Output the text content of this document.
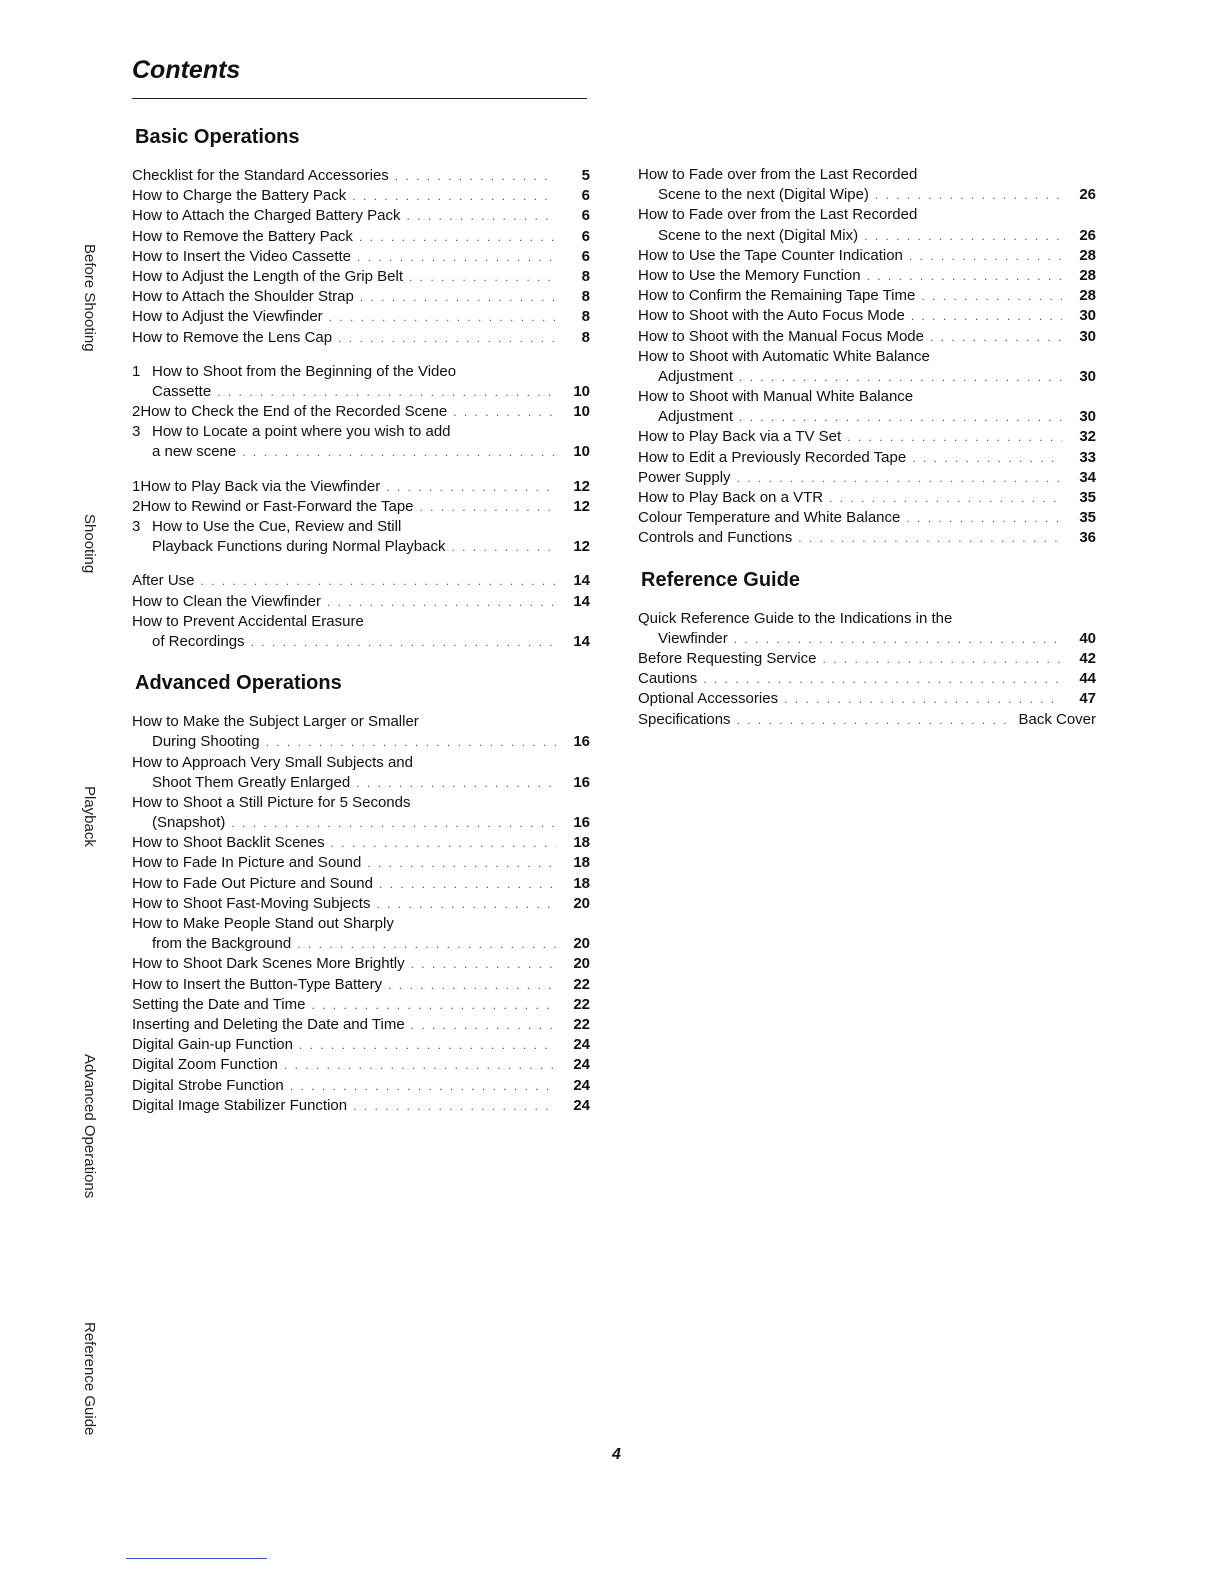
Contents
Basic Operations
Checklist for the Standard Accessories . . .	5
How to Charge the Battery Pack . . .	6
How to Attach the Charged Battery Pack . . .	6
How to Remove the Battery Pack . . .	6
How to Insert the Video Cassette . . .	6
How to Adjust the Length of the Grip Belt . . .	8
How to Attach the Shoulder Strap . . .	8
How to Adjust the Viewfinder . . .	8
How to Remove the Lens Cap . . .	8
1 How to Shoot from the Beginning of the Video
Cassette . . .	10
2 How to Check the End of the Recorded Scene . . .	10
3 How to Locate a point where you wish to add
a new scene . . .	10
1 How to Play Back via the Viewfinder . . .	12
2 How to Rewind or Fast-Forward the Tape . . .	12
3 How to Use the Cue, Review and Still
Playback Functions during Normal Playback . . .	12
After Use . . .	14
How to Clean the Viewfinder . . .	14
How to Prevent Accidental Erasure
of Recordings . . .	14
Advanced Operations
How to Make the Subject Larger or Smaller
During Shooting . . .	16
How to Approach Very Small Subjects and
Shoot Them Greatly Enlarged . . .	16
How to Shoot a Still Picture for 5 Seconds
(Snapshot) . . .	16
How to Shoot Backlit Scenes . . .	18
How to Fade In Picture and Sound . . .	18
How to Fade Out Picture and Sound . . .	18
How to Shoot Fast-Moving Subjects . . .	20
How to Make People Stand out Sharply
from the Background . . .	20
How to Shoot Dark Scenes More Brightly . . .	20
How to Insert the Button-Type Battery . . .	22
Setting the Date and Time . . .	22
Inserting and Deleting the Date and Time . . .	22
Digital Gain-up Function . . .	24
Digital Zoom Function . . .	24
Digital Strobe Function . . .	24
Digital Image Stabilizer Function . . .	24
How to Fade over from the Last Recorded
Scene to the next (Digital Wipe) . . .	26
How to Fade over from the Last Recorded
Scene to the next (Digital Mix) . . .	26
How to Use the Tape Counter Indication . . .	28
How to Use the Memory Function . . .	28
How to Confirm the Remaining Tape Time . . .	28
How to Shoot with the Auto Focus Mode . . .	30
How to Shoot with the Manual Focus Mode . . .	30
How to Shoot with Automatic White Balance
Adjustment . . .	30
How to Shoot with Manual White Balance
Adjustment . . .	30
How to Play Back via a TV Set . . .	32
How to Edit a Previously Recorded Tape . . .	33
Power Supply . . .	34
How to Play Back on a VTR . . .	35
Colour Temperature and White Balance . . .	35
Controls and Functions . . .	36
Reference Guide
Quick Reference Guide to the Indications in the
Viewfinder . . .	40
Before Requesting Service . . .	42
Cautions . . .	44
Optional Accessories . . .	47
Specifications . . .	Back Cover
Before Shooting
Shooting
Playback
Advanced Operations
Reference Guide
4
